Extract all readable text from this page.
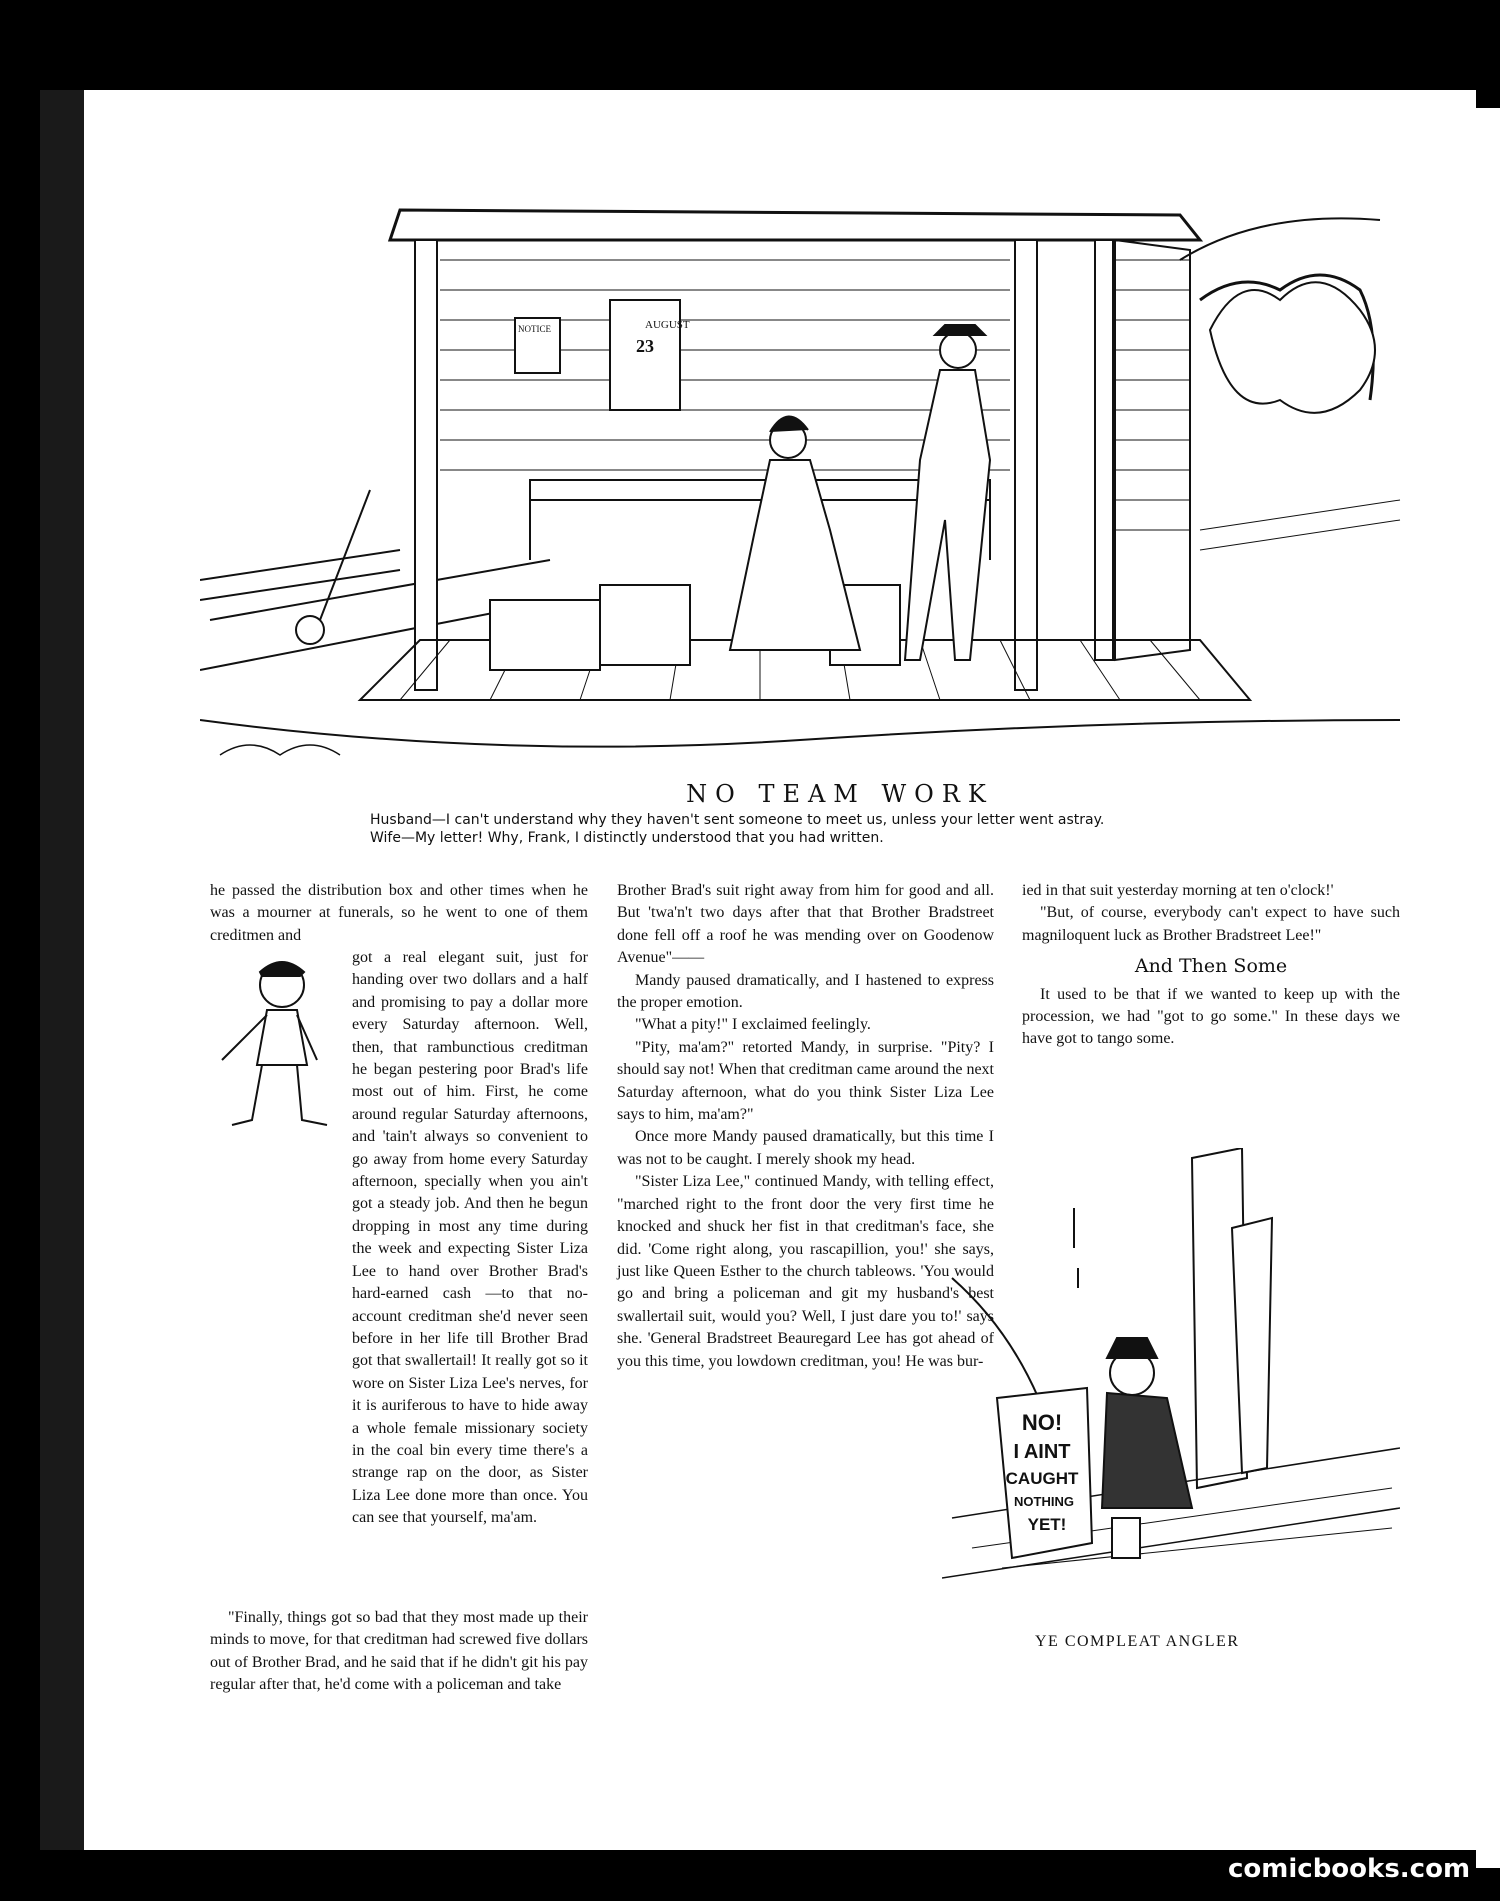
AUGUST
23
NOTICE
NO TEAM WORK
Husband—I can't understand why they haven't sent someone to meet us, unless your letter went astray.
Wife—My letter! Why, Frank, I distinctly understood that you had written.

he passed the distribution box and other times when he was a mourner at funerals, so he went to one of them creditmen and

got a real elegant suit, just for handing over two dollars and a half and promising to pay a dollar more every Saturday afternoon. Well, then, that rambunctious creditman he began pestering poor Brad's life most out of him. First, he come around regular Saturday afternoons, and 'tain't always so convenient to go away from home every Saturday afternoon, specially when you ain't got a steady job. And then he begun dropping in most any time during the week and expecting Sister Liza Lee to hand over Brother Brad's hard-earned cash —to that no-account creditman she'd never seen before in her life till Brother Brad got that swallertail! It really got so it wore on Sister Liza Lee's nerves, for it is auriferous to have to hide away a whole female missionary society in the coal bin every time there's a strange rap on the door, as Sister Liza Lee done more than once. You can see that yourself, ma'am.

"Finally, things got so bad that they most made up their minds to move, for that creditman had screwed five dollars out of Brother Brad, and he said that if he didn't git his pay regular after that, he'd come with a policeman and take

Brother Brad's suit right away from him for good and all. But 'twa'n't two days after that that Brother Bradstreet done fell off a roof he was mending over on Goodenow Avenue"——

Mandy paused dramatically, and I hastened to express the proper emotion.

"What a pity!" I exclaimed feelingly.

"Pity, ma'am?" retorted Mandy, in surprise. "Pity? I should say not! When that creditman came around the next Saturday afternoon, what do you think Sister Liza Lee says to him, ma'am?"

Once more Mandy paused dramatically, but this time I was not to be caught. I merely shook my head.

"Sister Liza Lee," continued Mandy, with telling effect, "marched right to the front door the very first time he knocked and shuck her fist in that creditman's face, she did. 'Come right along, you rascapillion, you!' she says, just like Queen Esther to the church tableows. 'You would go and bring a policeman and git my husband's best swallertail suit, would you? Well, I just dare you to!' says she. 'General Bradstreet Beauregard Lee has got ahead of you this time, you lowdown creditman, you! He was bur-

ied in that suit yesterday morning at ten o'clock!'

"But, of course, everybody can't expect to have such magniloquent luck as Brother Bradstreet Lee!"

And Then Some

It used to be that if we wanted to keep up with the procession, we had "got to go some." In these days we have got to tango some.

NO!
I AINT
CAUGHT
NOTHING
YET!
YE COMPLEAT ANGLER
comicbooks.com
